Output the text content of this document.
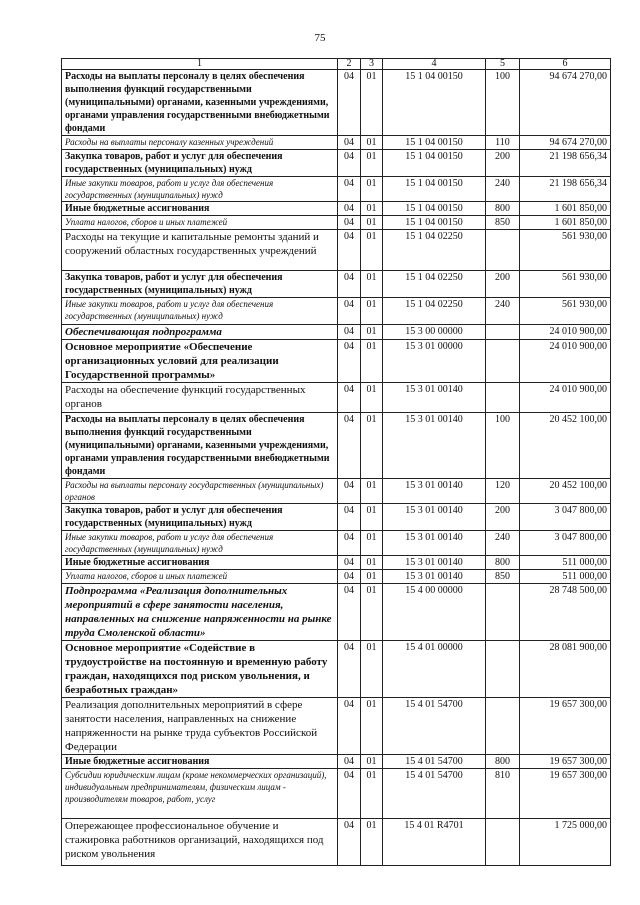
75
1	2	3	4	5	6
Расходы на выплаты персоналу в целях обеспечения выполнения функций государственными (муниципальными) органами, казенными учреждениями, органами управления государственными внебюджетными фондами	04	01	15 1 04 00150	100	94 674 270,00
Расходы на выплаты персоналу казенных учреждений	04	01	15 1 04 00150	110	94 674 270,00
Закупка товаров, работ и услуг для обеспечения государственных (муниципальных) нужд	04	01	15 1 04 00150	200	21 198 656,34
Иные закупки товаров, работ и услуг для обеспечения государственных (муниципальных) нужд	04	01	15 1 04 00150	240	21 198 656,34
Иные бюджетные ассигнования	04	01	15 1 04 00150	800	1 601 850,00
Уплата налогов, сборов и иных платежей	04	01	15 1 04 00150	850	1 601 850,00
Расходы на текущие и капитальные ремонты зданий и сооружений областных государственных учреждений	04	01	15 1 04 02250		561 930,00
Закупка товаров, работ и услуг для обеспечения государственных (муниципальных) нужд	04	01	15 1 04 02250	200	561 930,00
Иные закупки товаров, работ и услуг для обеспечения государственных (муниципальных) нужд	04	01	15 1 04 02250	240	561 930,00
Обеспечивающая подпрограмма	04	01	15 3 00 00000		24 010 900,00
Основное мероприятие «Обеспечение организационных условий для реализации Государственной программы»	04	01	15 3 01 00000		24 010 900,00
Расходы на обеспечение функций государственных органов	04	01	15 3 01 00140		24 010 900,00
Расходы на выплаты персоналу в целях обеспечения выполнения функций государственными (муниципальными) органами, казенными учреждениями, органами управления государственными внебюджетными фондами	04	01	15 3 01 00140	100	20 452 100,00
Расходы на выплаты персоналу государственных (муниципальных) органов	04	01	15 3 01 00140	120	20 452 100,00
Закупка товаров, работ и услуг для обеспечения государственных (муниципальных) нужд	04	01	15 3 01 00140	200	3 047 800,00
Иные закупки товаров, работ и услуг для обеспечения государственных (муниципальных) нужд	04	01	15 3 01 00140	240	3 047 800,00
Иные бюджетные ассигнования	04	01	15 3 01 00140	800	511 000,00
Уплата налогов, сборов и иных платежей	04	01	15 3 01 00140	850	511 000,00
Подпрограмма «Реализация дополнительных мероприятий в сфере занятости населения, направленных на снижение напряженности на рынке труда Смоленской области»	04	01	15 4 00 00000		28 748 500,00
Основное мероприятие «Содействие в трудоустройстве на постоянную и временную работу граждан, находящихся под риском увольнения, и безработных граждан»	04	01	15 4 01 00000		28 081 900,00
Реализация дополнительных мероприятий в сфере занятости населения, направленных на снижение напряженности на рынке труда субъектов Российской Федерации	04	01	15 4 01 54700		19 657 300,00
Иные бюджетные ассигнования	04	01	15 4 01 54700	800	19 657 300,00
Субсидии юридическим лицам (кроме некоммерческих организаций), индивидуальным предпринимателям, физическим лицам - производителям товаров, работ, услуг	04	01	15 4 01 54700	810	19 657 300,00
Опережающее профессиональное обучение и стажировка работников организаций, находящихся под риском увольнения	04	01	15 4 01 R4701		1 725 000,00
